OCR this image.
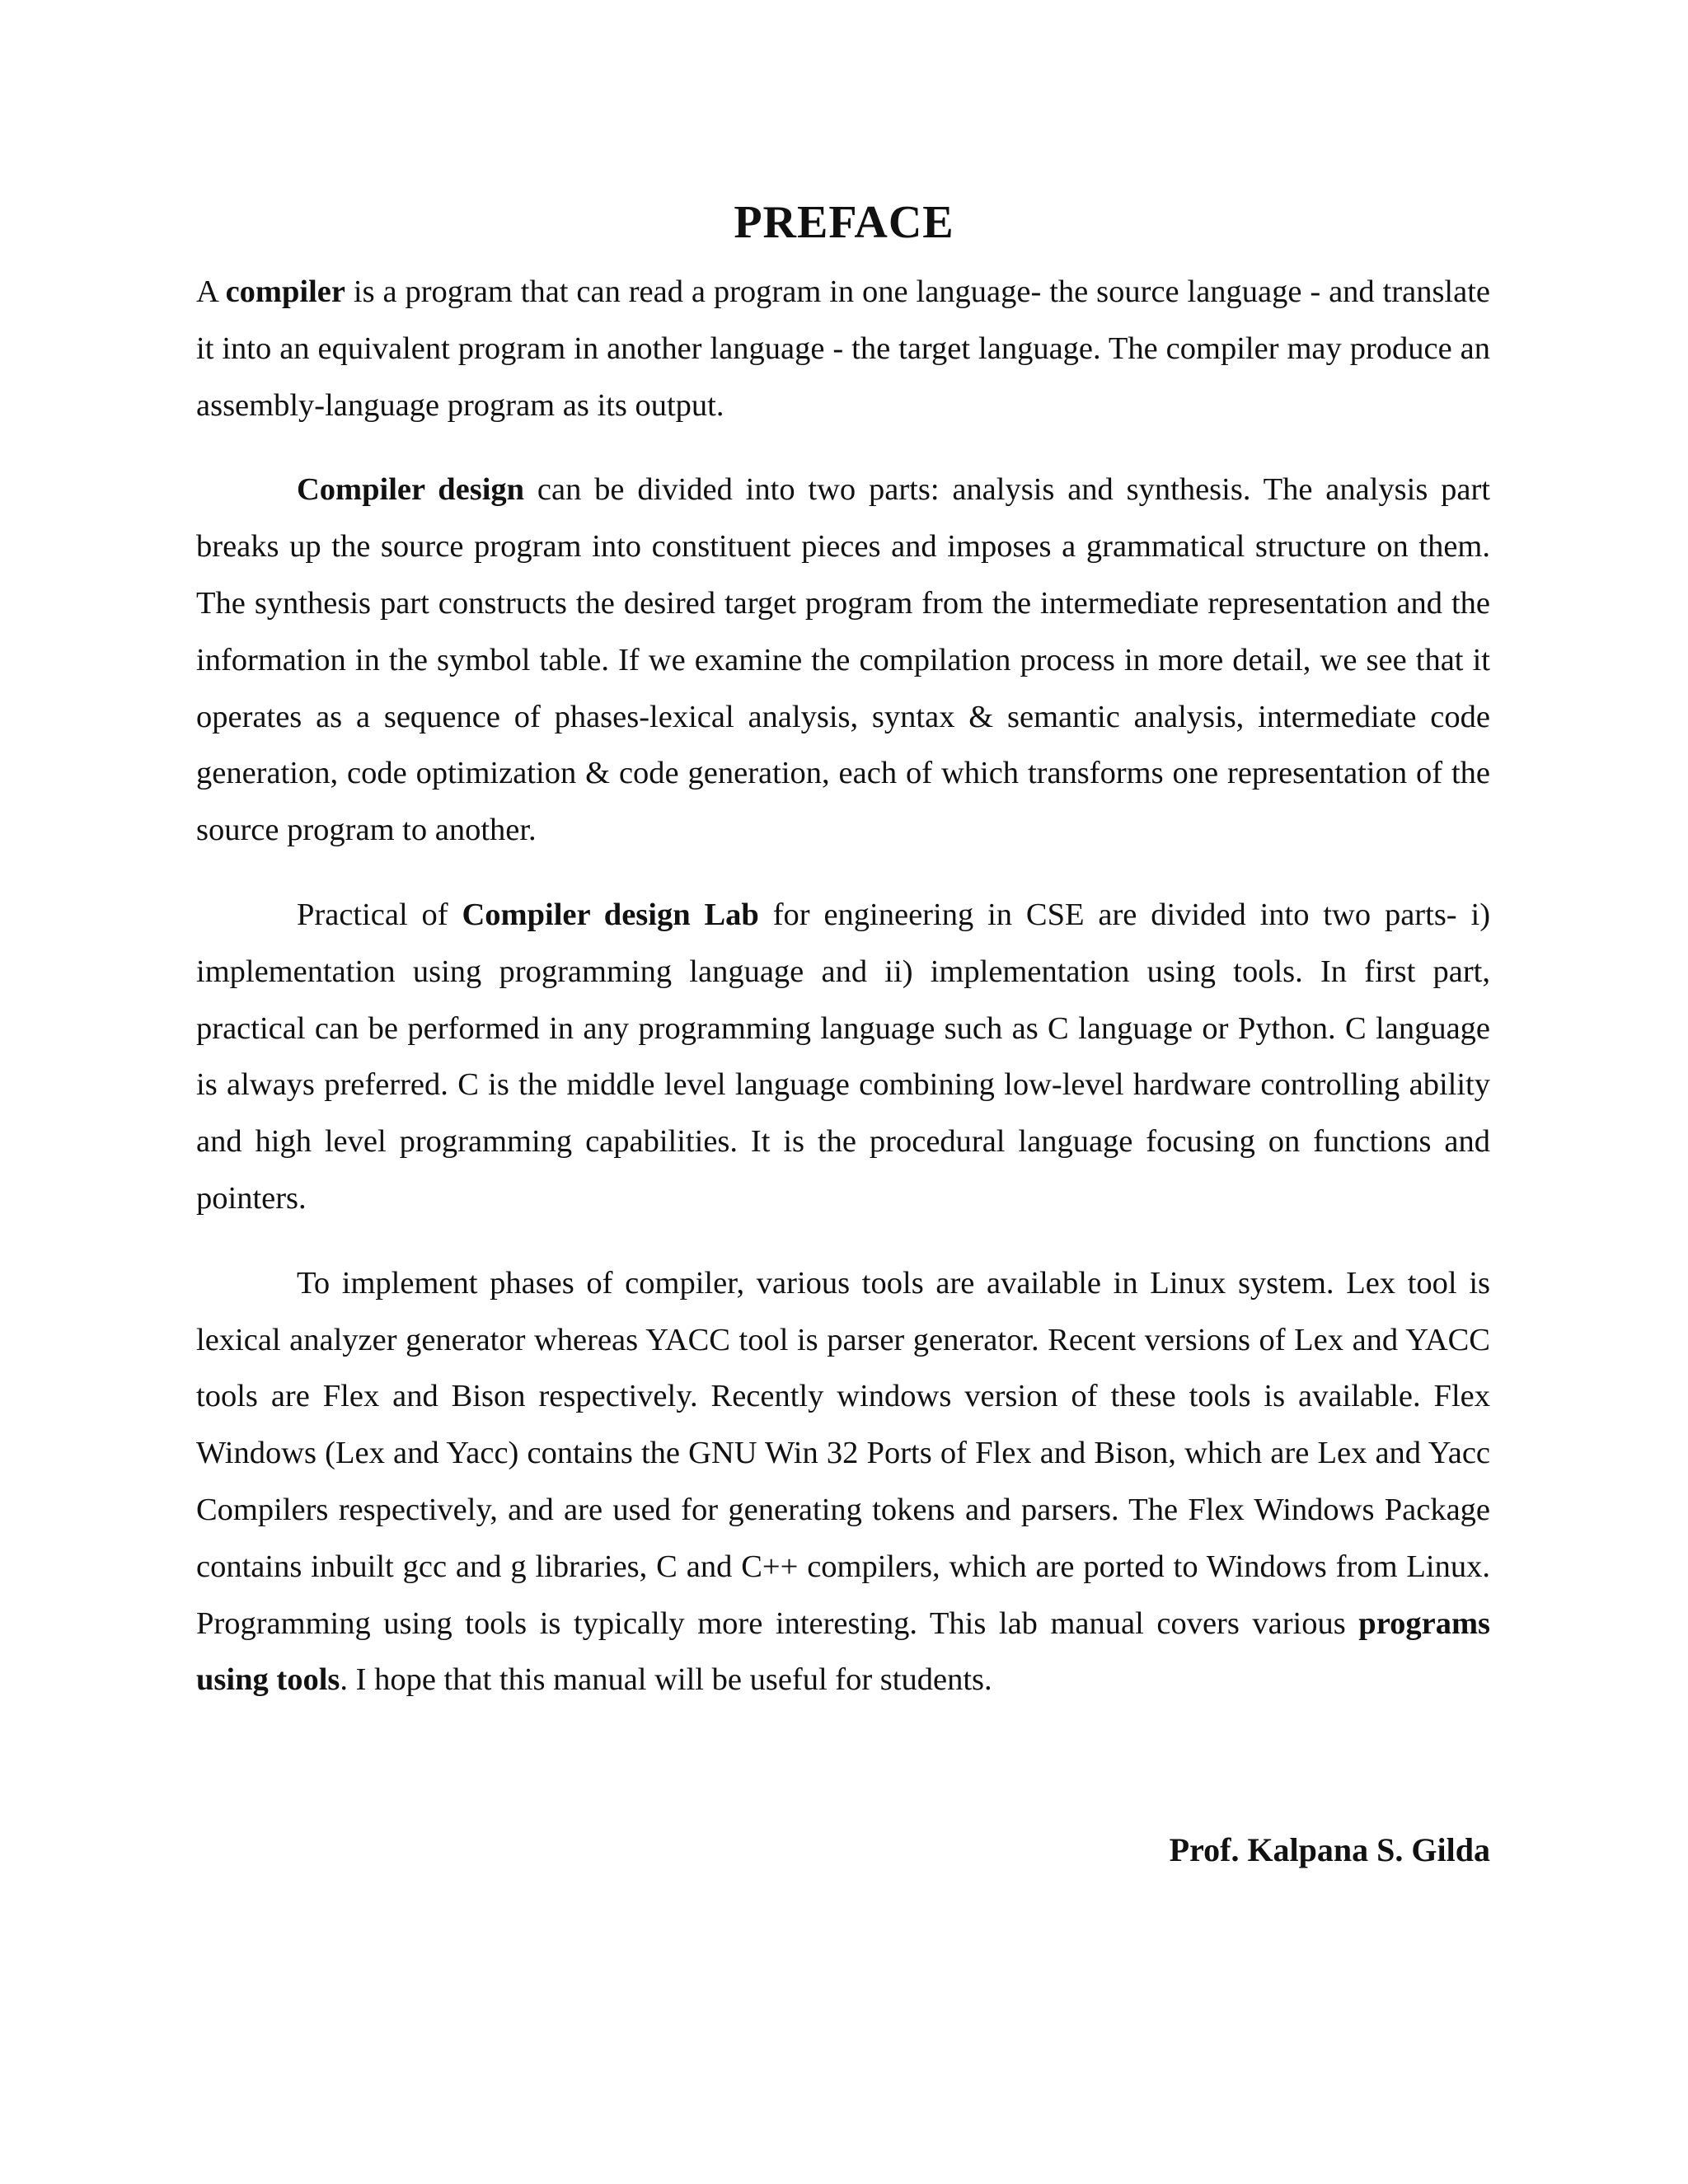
PREFACE

A compiler is a program that can read a program in one language- the source language - and translate it into an equivalent program in another language - the target language. The compiler may produce an assembly-language program as its output.

Compiler design can be divided into two parts: analysis and synthesis. The analysis part breaks up the source program into constituent pieces and imposes a grammatical structure on them. The synthesis part constructs the desired target program from the intermediate representation and the information in the symbol table. If we examine the compilation process in more detail, we see that it operates as a sequence of phases-lexical analysis, syntax & semantic analysis, intermediate code generation, code optimization & code generation, each of which transforms one representation of the source program to another.

Practical of Compiler design Lab for engineering in CSE are divided into two parts- i) implementation using programming language and ii) implementation using tools. In first part, practical can be performed in any programming language such as C language or Python. C language is always preferred. C is the middle level language combining low-level hardware controlling ability and high level programming capabilities. It is the procedural language focusing on functions and pointers.

To implement phases of compiler, various tools are available in Linux system. Lex tool is lexical analyzer generator whereas YACC tool is parser generator. Recent versions of Lex and YACC tools are Flex and Bison respectively. Recently windows version of these tools is available. Flex Windows (Lex and Yacc) contains the GNU Win 32 Ports of Flex and Bison, which are Lex and Yacc Compilers respectively, and are used for generating tokens and parsers. The Flex Windows Package contains inbuilt gcc and g libraries, C and C++ compilers, which are ported to Windows from Linux. Programming using tools is typically more interesting. This lab manual covers various programs using tools. I hope that this manual will be useful for students.

Prof. Kalpana S. Gilda
